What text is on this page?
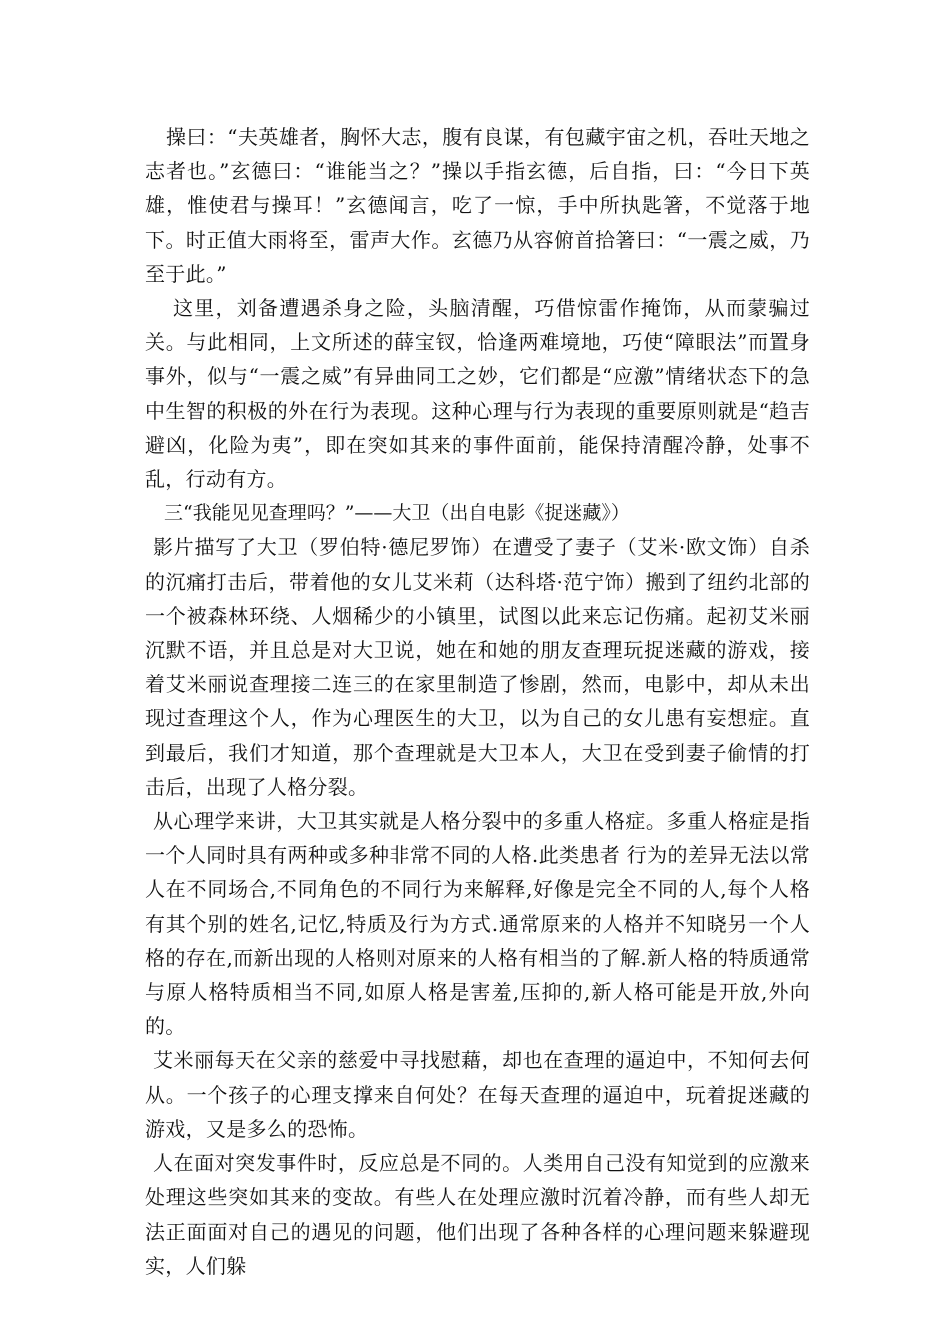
操曰：“夫英雄者，胸怀大志，腹有良谋，有包藏宇宙之机，吞吐天地之志者也。”玄德曰：“谁能当之？”操以手指玄德，后自指，曰：“今日下英雄，惟使君与操耳！”玄德闻言，吃了一惊，手中所执匙箸，不觉落于地下。时正值大雨将至，雷声大作。玄德乃从容俯首拾箸曰：“一震之威，乃至于此。”

这里，刘备遭遇杀身之险，头脑清醒，巧借惊雷作掩饰，从而蒙骗过关。与此相同，上文所述的薛宝钗，恰逢两难境地，巧使“障眼法”而置身事外，似与“一震之威”有异曲同工之妙，它们都是“应激”情绪状态下的急中生智的积极的外在行为表现。这种心理与行为表现的重要原则就是“趋吉避凶，化险为夷”，即在突如其来的事件面前，能保持清醒冷静，处事不乱，行动有方。

三“我能见见查理吗？”——大卫（出自电影《捉迷藏》）

影片描写了大卫（罗伯特·德尼罗饰）在遭受了妻子（艾米·欧文饰）自杀的沉痛打击后，带着他的女儿艾米莉（达科塔·范宁饰）搬到了纽约北部的一个被森林环绕、人烟稀少的小镇里，试图以此来忘记伤痛。起初艾米丽沉默不语，并且总是对大卫说，她在和她的朋友查理玩捉迷藏的游戏，接着艾米丽说查理接二连三的在家里制造了惨剧，然而，电影中，却从未出现过查理这个人，作为心理医生的大卫，以为自己的女儿患有妄想症。直到最后，我们才知道，那个查理就是大卫本人，大卫在受到妻子偷情的打击后，出现了人格分裂。

从心理学来讲，大卫其实就是人格分裂中的多重人格症。多重人格症是指一个人同时具有两种或多种非常不同的人格.此类患者 行为的差异无法以常人在不同场合,不同角色的不同行为来解释,好像是完全不同的人,每个人格有其个别的姓名,记忆,特质及行为方式.通常原来的人格并不知晓另一个人格的存在,而新出现的人格则对原来的人格有相当的了解.新人格的特质通常与原人格特质相当不同,如原人格是害羞,压抑的,新人格可能是开放,外向的。

艾米丽每天在父亲的慈爱中寻找慰藉，却也在查理的逼迫中，不知何去何从。一个孩子的心理支撑来自何处？在每天查理的逼迫中，玩着捉迷藏的游戏，又是多么的恐怖。

人在面对突发事件时，反应总是不同的。人类用自己没有知觉到的应激来处理这些突如其来的变故。有些人在处理应激时沉着冷静，而有些人却无法正面面对自己的遇见的问题，他们出现了各种各样的心理问题来躲避现实，人们躲
